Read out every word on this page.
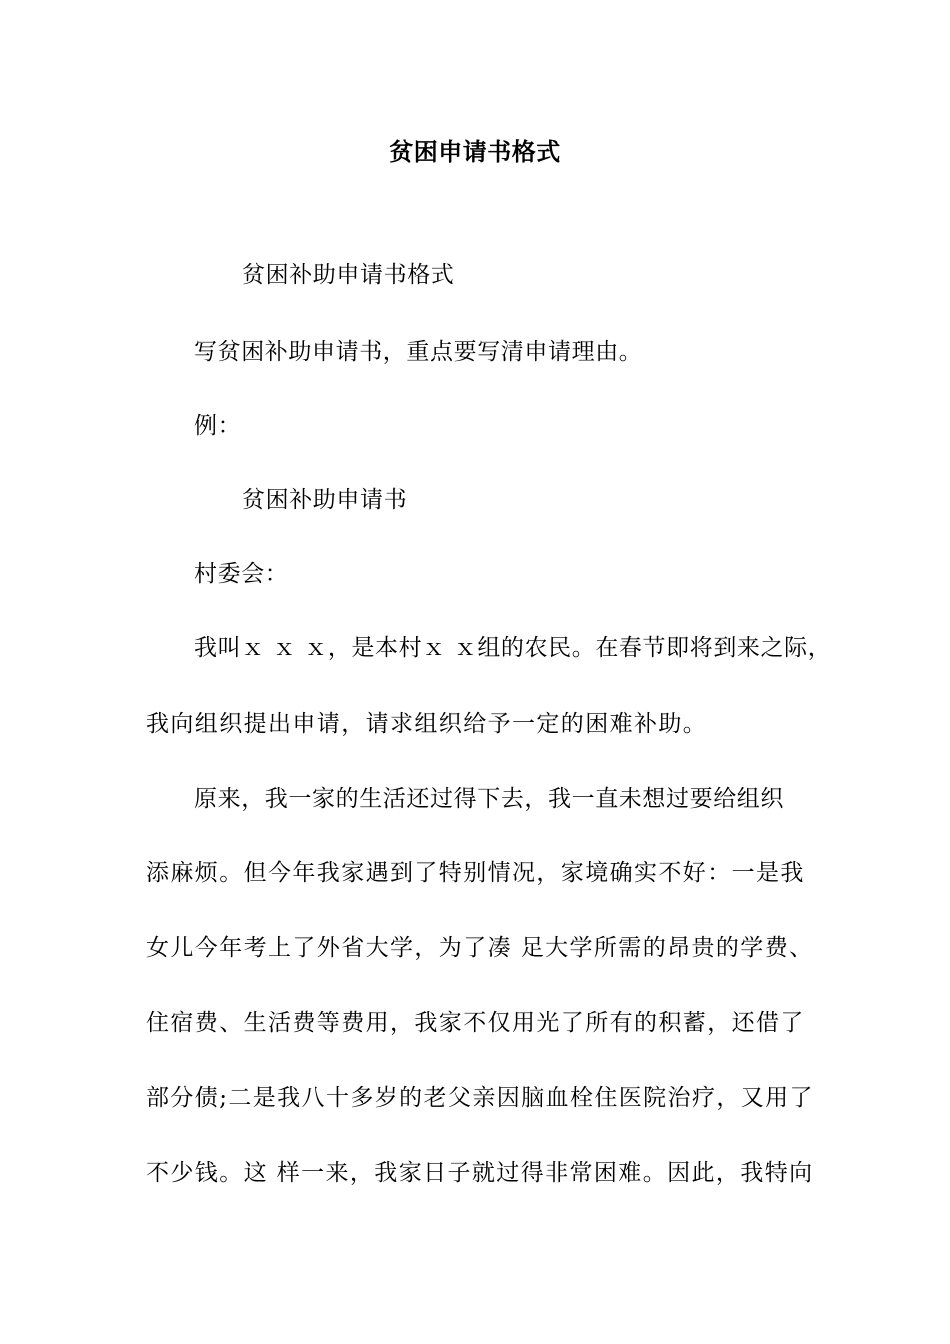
贫困申请书格式

贫困补助申请书格式

写贫困补助申请书，重点要写清申请理由。

例：

贫困补助申请书

村委会：

我叫ｘ ｘ ｘ，是本村ｘ ｘ组的农民。在春节即将到来之际，

我向组织提出申请，请求组织给予一定的困难补助。

原来，我一家的生活还过得下去，我一直未想过要给组织

添麻烦。但今年我家遇到了特别情况，家境确实不好：一是我

女儿今年考上了外省大学，为了凑 足大学所需的昂贵的学费、

住宿费、生活费等费用，我家不仅用光了所有的积蓄，还借了

部分债;二是我八十多岁的老父亲因脑血栓住医院治疗，又用了

不少钱。这 样一来，我家日子就过得非常困难。因此，我特向
